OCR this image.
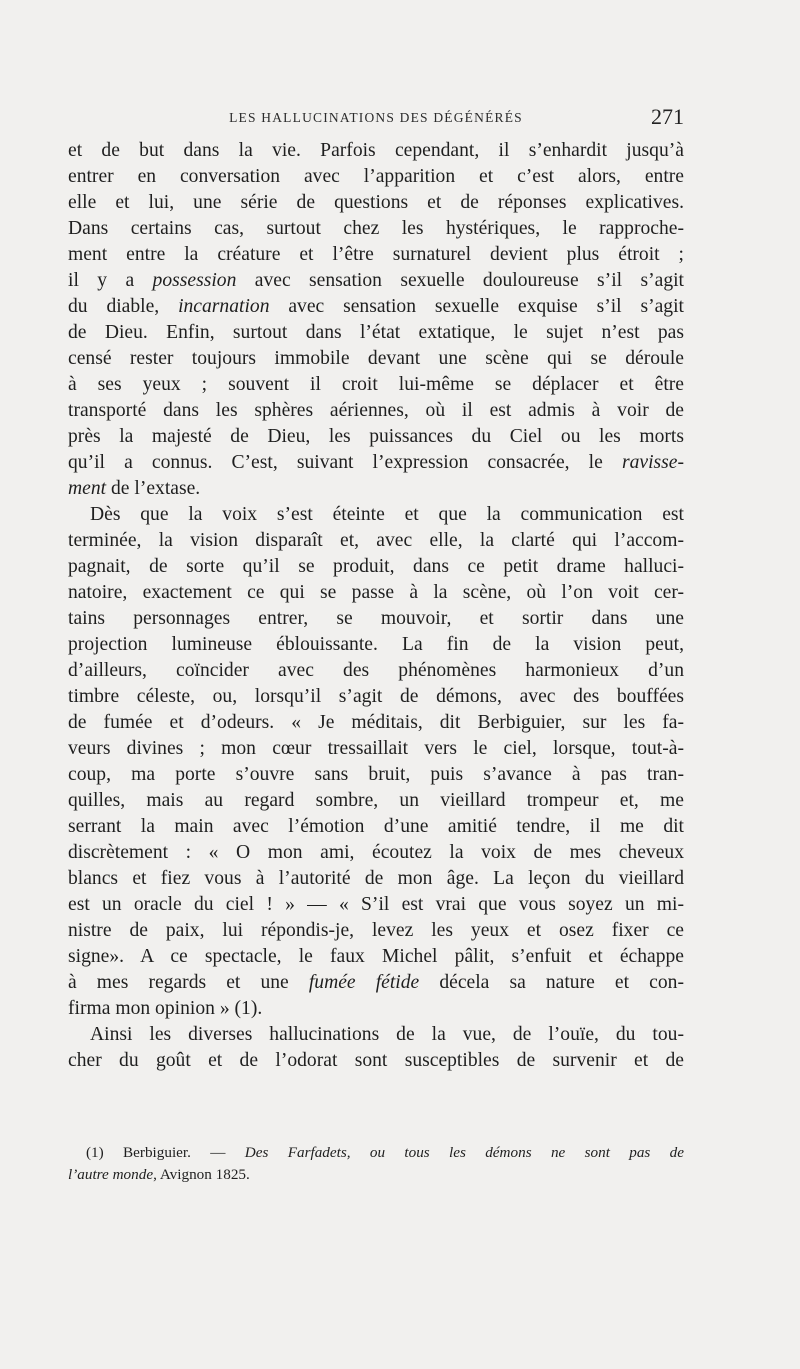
LES HALLUCINATIONS DES DÉGÉNÉRÉS	271
et de but dans la vie. Parfois cependant, il s’enhardit jusqu’à
entrer en conversation avec l’apparition et c’est alors, entre
elle et lui, une série de questions et de réponses explicatives.
Dans certains cas, surtout chez les hystériques, le rapproche-
ment entre la créature et l’être surnaturel devient plus étroit ;
il y a possession avec sensation sexuelle douloureuse s’il s’agit
du diable, incarnation avec sensation sexuelle exquise s’il s’agit
de Dieu. Enfin, surtout dans l’état extatique, le sujet n’est pas
censé rester toujours immobile devant une scène qui se déroule
à ses yeux ; souvent il croit lui-même se déplacer et être
transporté dans les sphères aériennes, où il est admis à voir de
près la majesté de Dieu, les puissances du Ciel ou les morts
qu’il a connus. C’est, suivant l’expression consacrée, le ravisse-
ment de l’extase.
Dès que la voix s’est éteinte et que la communication est
terminée, la vision disparaît et, avec elle, la clarté qui l’accom-
pagnait, de sorte qu’il se produit, dans ce petit drame halluci-
natoire, exactement ce qui se passe à la scène, où l’on voit cer-
tains personnages entrer, se mouvoir, et sortir dans une
projection lumineuse éblouissante. La fin de la vision peut,
d’ailleurs, coïncider avec des phénomènes harmonieux d’un
timbre céleste, ou, lorsqu’il s’agit de démons, avec des bouffées
de fumée et d’odeurs. « Je méditais, dit Berbiguier, sur les fa-
veurs divines ; mon cœur tressaillait vers le ciel, lorsque, tout-à-
coup, ma porte s’ouvre sans bruit, puis s’avance à pas tran-
quilles, mais au regard sombre, un vieillard trompeur et, me
serrant la main avec l’émotion d’une amitié tendre, il me dit
discrètement : « O mon ami, écoutez la voix de mes cheveux
blancs et fiez vous à l’autorité de mon âge. La leçon du vieillard
est un oracle du ciel ! » — « S’il est vrai que vous soyez un mi-
nistre de paix, lui répondis-je, levez les yeux et osez fixer ce
signe». A ce spectacle, le faux Michel pâlit, s’enfuit et échappe
à mes regards et une fumée fétide décela sa nature et con-
firma mon opinion » (1).
Ainsi les diverses hallucinations de la vue, de l’ouïe, du tou-
cher du goût et de l’odorat sont susceptibles de survenir et de
(1) Berbiguier. — Des Farfadets, ou tous les démons ne sont pas de
l’autre monde, Avignon 1825.
